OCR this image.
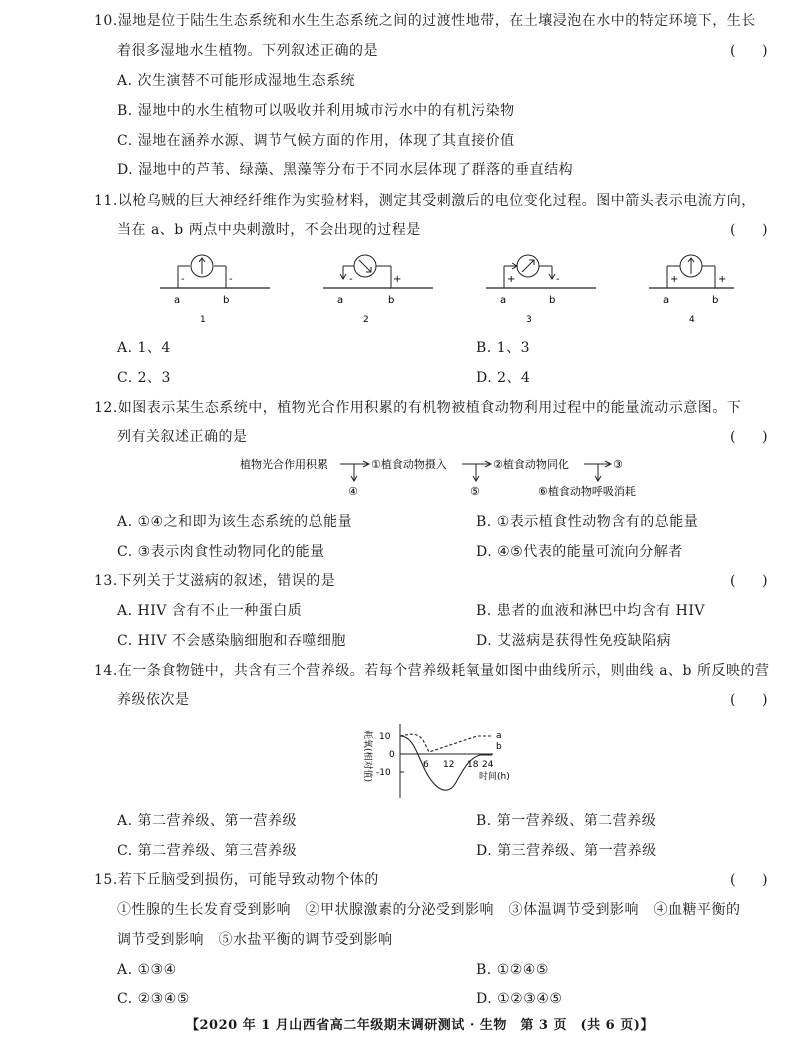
10.湿地是位于陆生生态系统和水生生态系统之间的过渡性地带，在土壤浸泡在水中的特定环境下，生长
着很多湿地水生植物。下列叙述正确的是	(      )
A. 次生演替不可能形成湿地生态系统
B. 湿地中的水生植物可以吸收并利用城市污水中的有机污染物
C. 湿地在涵养水源、调节气候方面的作用，体现了其直接价值
D. 湿地中的芦苇、绿藻、黑藻等分布于不同水层体现了群落的垂直结构
11.以枪乌贼的巨大神经纤维作为实验材料，测定其受刺激后的电位变化过程。图中箭头表示电流方向，
当在 a、b 两点中央刺激时，不会出现的过程是	(      )
-	-
a	b
1
-	+
a	b
2
+	-
a	b
3
+	+
a	b
4
A. 1、4	B. 1、3
C. 2、3	D. 2、4
12.如图表示某生态系统中，植物光合作用积累的有机物被植食动物利用过程中的能量流动示意图。下
列有关叙述正确的是	(      )
植物光合作用积累
④
①植食动物摄入
⑤
②植食动物同化	③
⑥植食动物呼吸消耗
A. ①④之和即为该生态系统的总能量	B. ①表示植食性动物含有的总能量
C. ③表示肉食性动物同化的能量	D. ④⑤代表的能量可流向分解者
13.下列关于艾滋病的叙述，错误的是	(      )
A. HIV 含有不止一种蛋白质	B. 患者的血液和淋巴中均含有 HIV
C. HIV 不会感染脑细胞和吞噬细胞	D. 艾滋病是获得性免疫缺陷病
14.在一条食物链中，共含有三个营养级。若每个营养级耗氧量如图中曲线所示，则曲线 a、b 所反映的营
养级依次是	(      )
耗氧(相对值) 10
0
-10
6 12 18 24
时间(h)
a
b
A. 第二营养级、第一营养级	B. 第一营养级、第二营养级
C. 第二营养级、第三营养级	D. 第三营养级、第一营养级
15.若下丘脑受到损伤，可能导致动物个体的	(      )
①性腺的生长发育受到影响　②甲状腺激素的分泌受到影响　③体温调节受到影响　④血糖平衡的
调节受到影响　⑤水盐平衡的调节受到影响
A. ①③④	B. ①②④⑤
C. ②③④⑤	D. ①②③④⑤
【2020 年 1 月山西省高二年级期末调研测试 · 生物　第 3 页　(共 6 页)】
